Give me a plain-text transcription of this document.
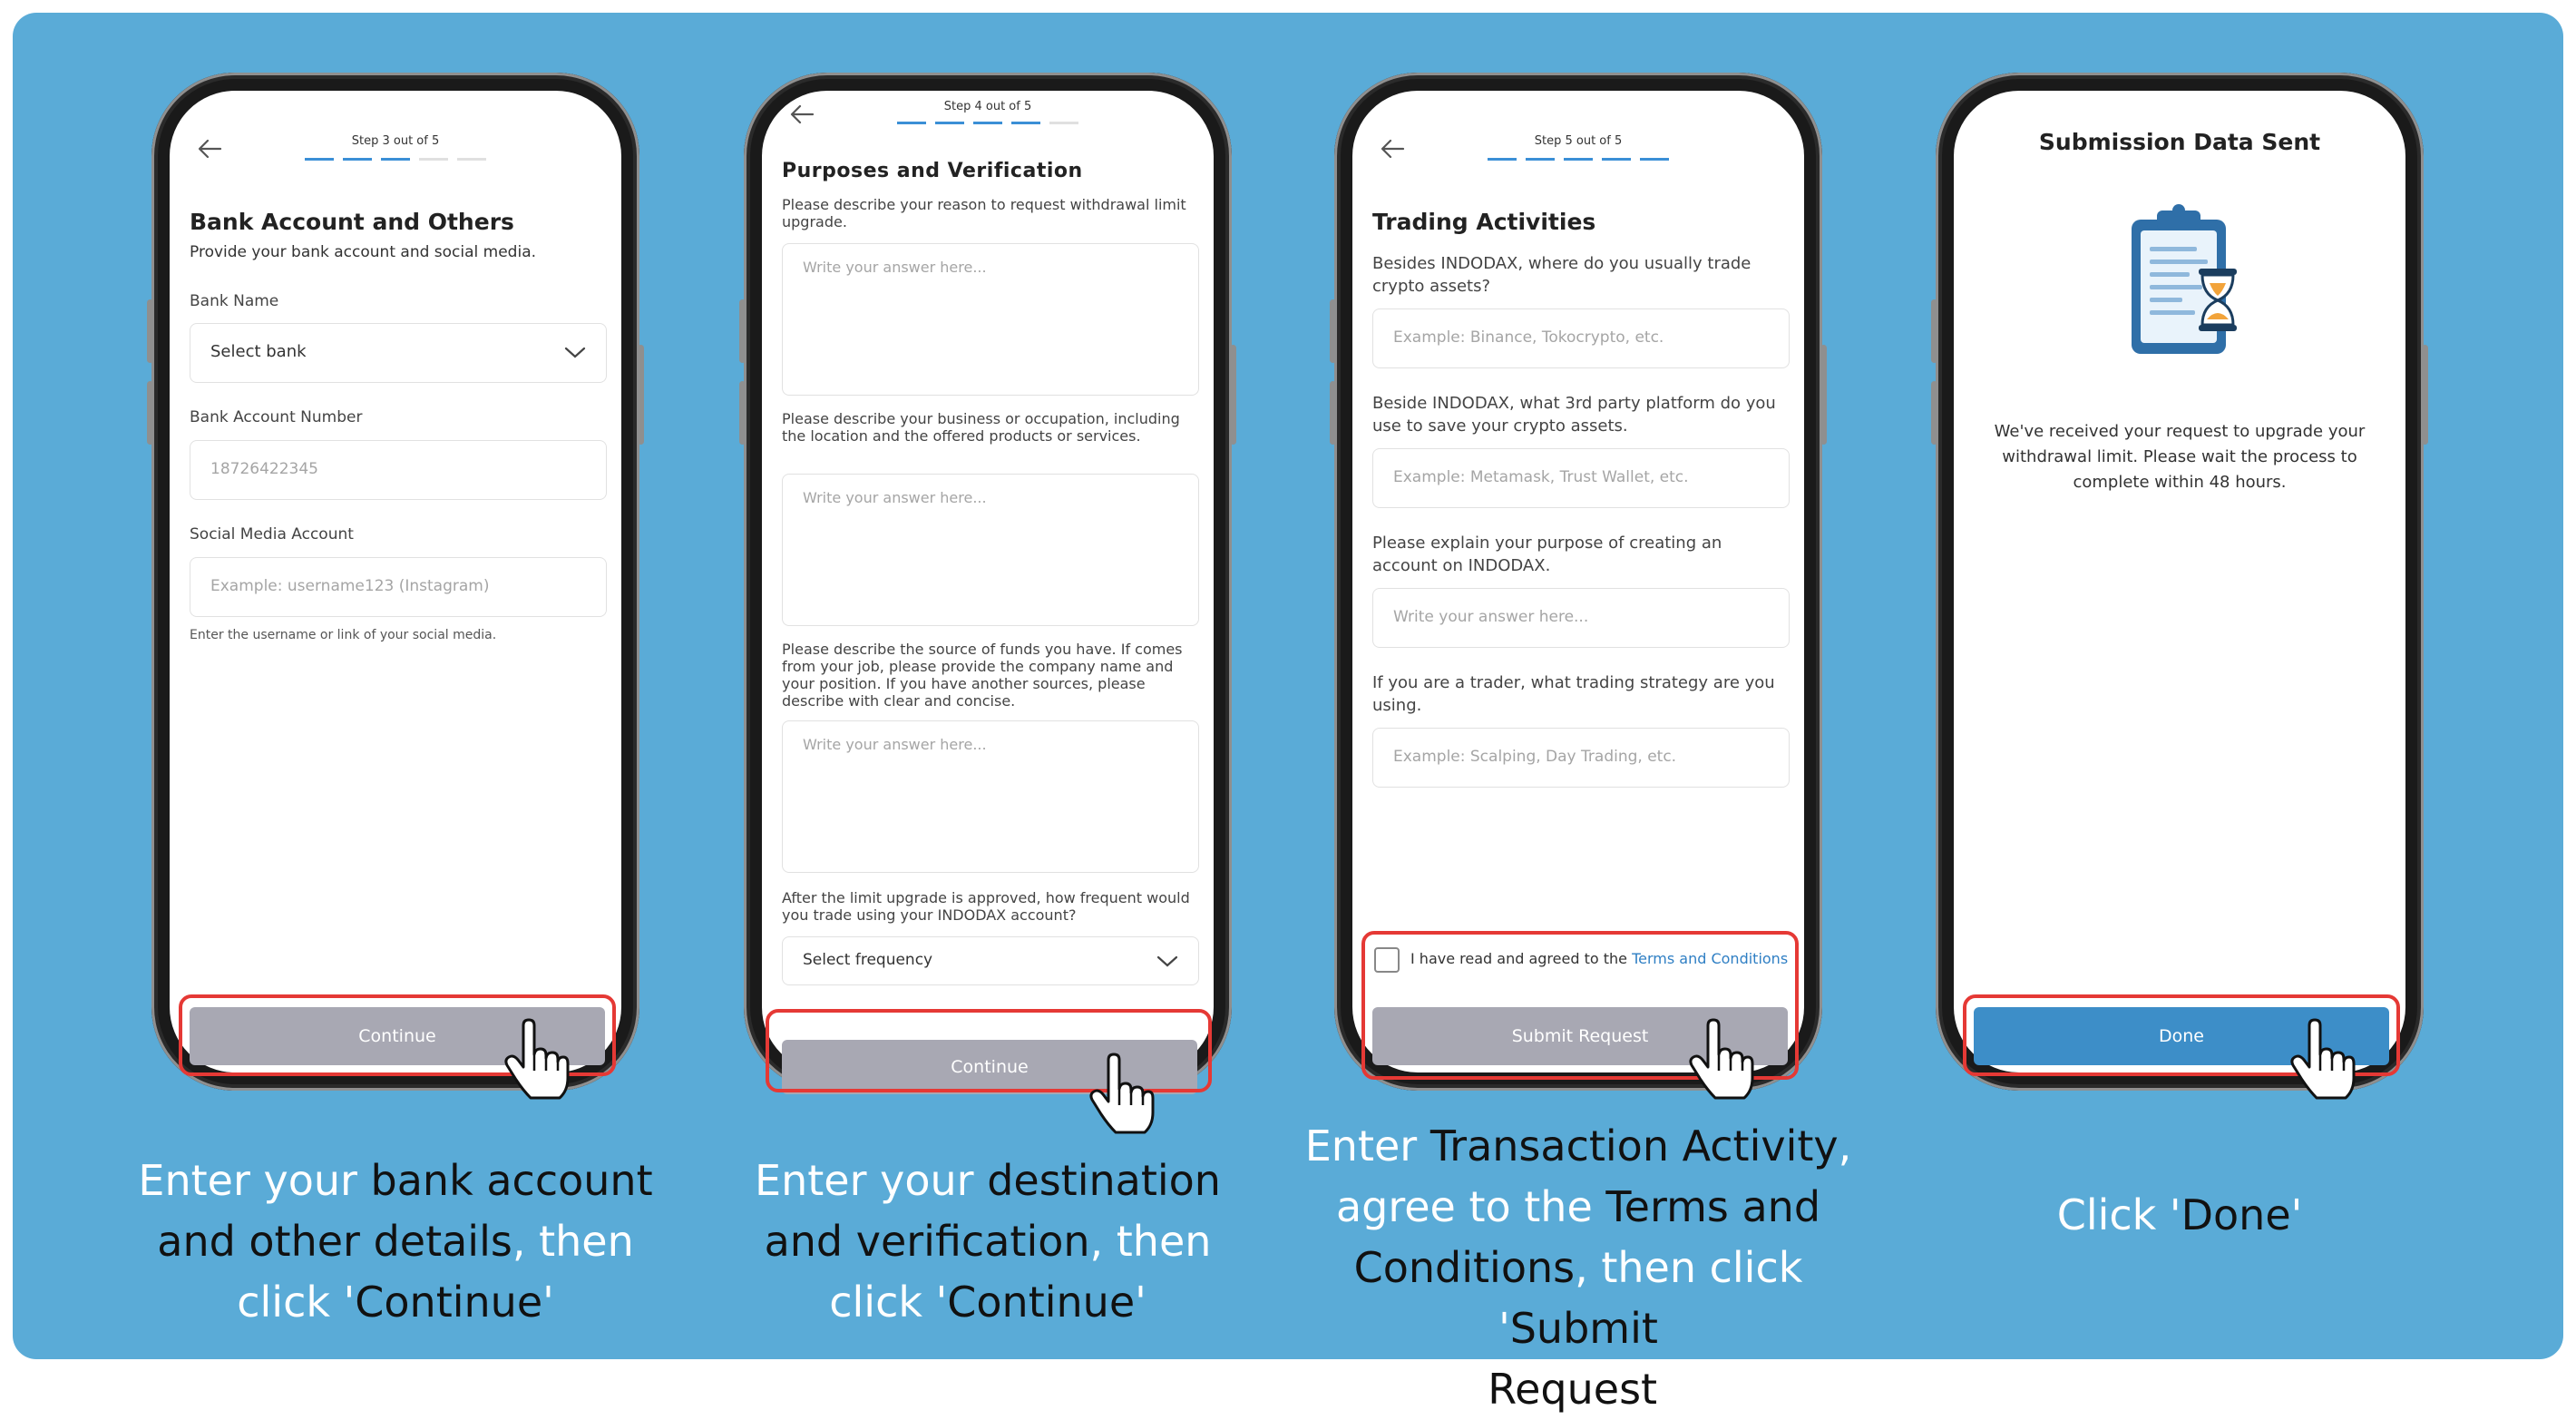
Step 3 out of 5
Bank Account and Others
Provide your bank account and social media.
Bank Name
Select bank
Bank Account Number
18726422345
Social Media Account
Example: username123 (Instagram)
Enter the username or link of your social media.
Continue
Step 4 out of 5
Purposes and Verification
Please describe your reason to request withdrawal limit upgrade.
Write your answer here...
Please describe your business or occupation, including the location and the offered products or services.
Write your answer here...
Please describe the source of funds you have. If comes from your job, please provide the company name and your position. If you have another sources, please describe with clear and concise.
Write your answer here...
After the limit upgrade is approved, how frequent would you trade using your INDODAX account?
Select frequency
Continue
Step 5 out of 5
Trading Activities
Besides INDODAX, where do you usually trade crypto assets?
Example: Binance, Tokocrypto, etc.
Beside INDODAX, what 3rd party platform do you use to save your crypto assets.
Example: Metamask, Trust Wallet, etc.
Please explain your purpose of creating an account on INDODAX.
Write your answer here...
If you are a trader, what trading strategy are you using.
Example: Scalping, Day Trading, etc.
I have read and agreed to the Terms and Conditions
Submit Request
Submission Data Sent
We've received your request to upgrade your withdrawal limit. Please wait the process to complete within 48 hours.
Done
Enter your bank account
and other details, then
click 'Continue'
Enter your destination
and verification, then
click 'Continue'
Enter Transaction Activity,
agree to the Terms and
Conditions, then click 'Submit
Request'
Click 'Done'
